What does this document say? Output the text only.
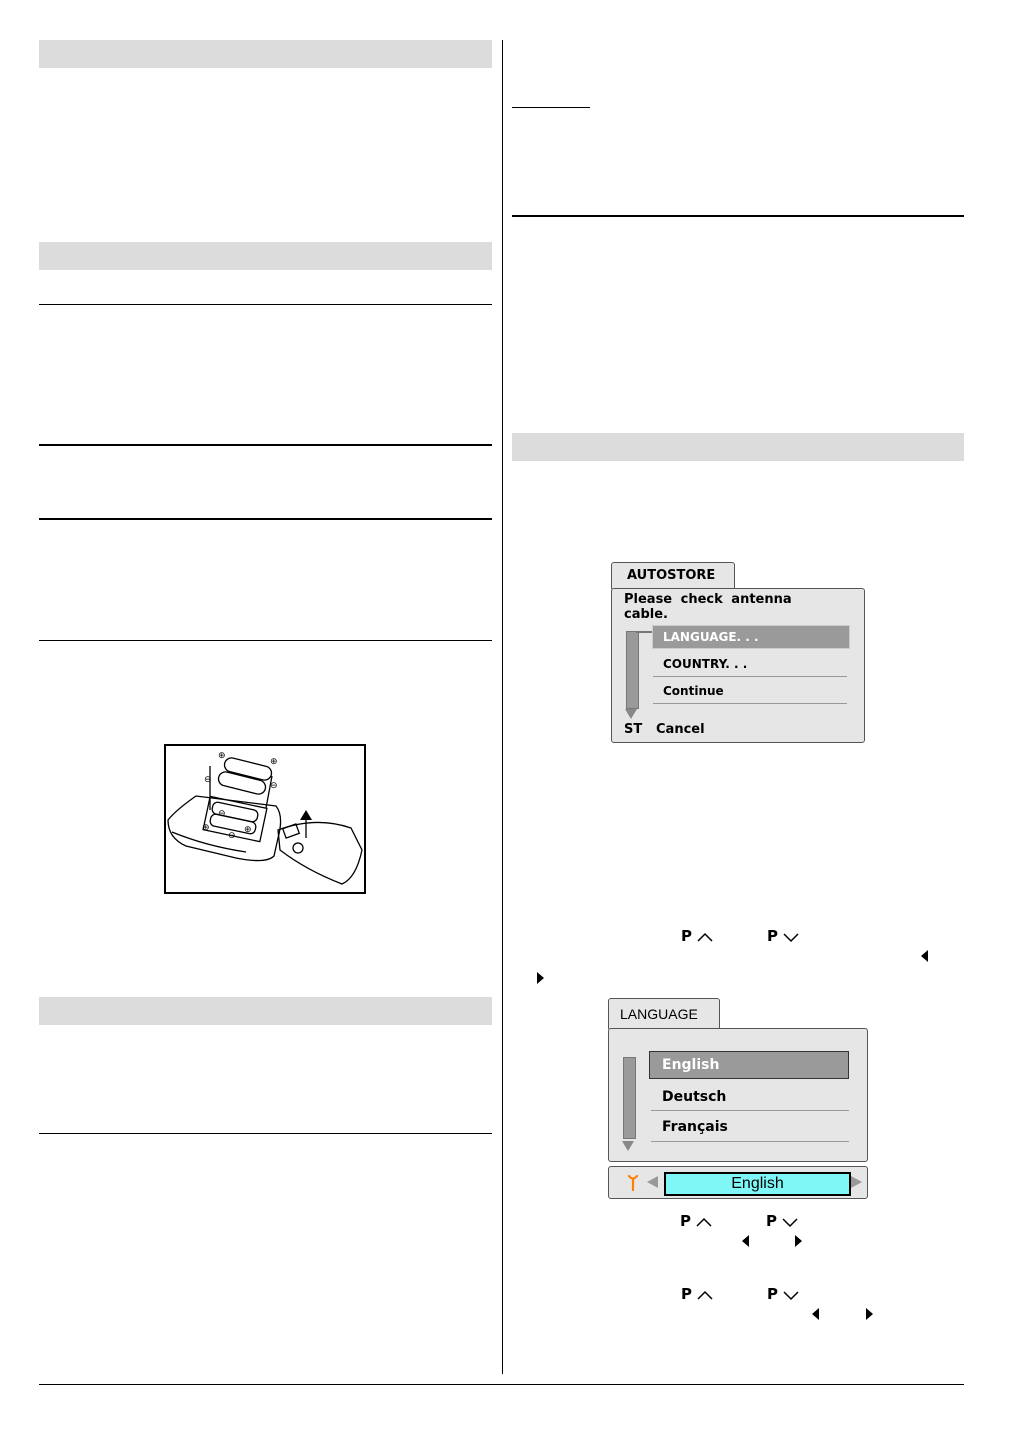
⊕
⊕
⊖
⊖
⊖
⊕
⊕
⊖
AUTOSTORE
Please check antenna cable.
LANGUAGE. . .
COUNTRY. . .
Continue
ST Cancel
P	P
LANGUAGE
English
Deutsch
Français
English
P	P
P	P
